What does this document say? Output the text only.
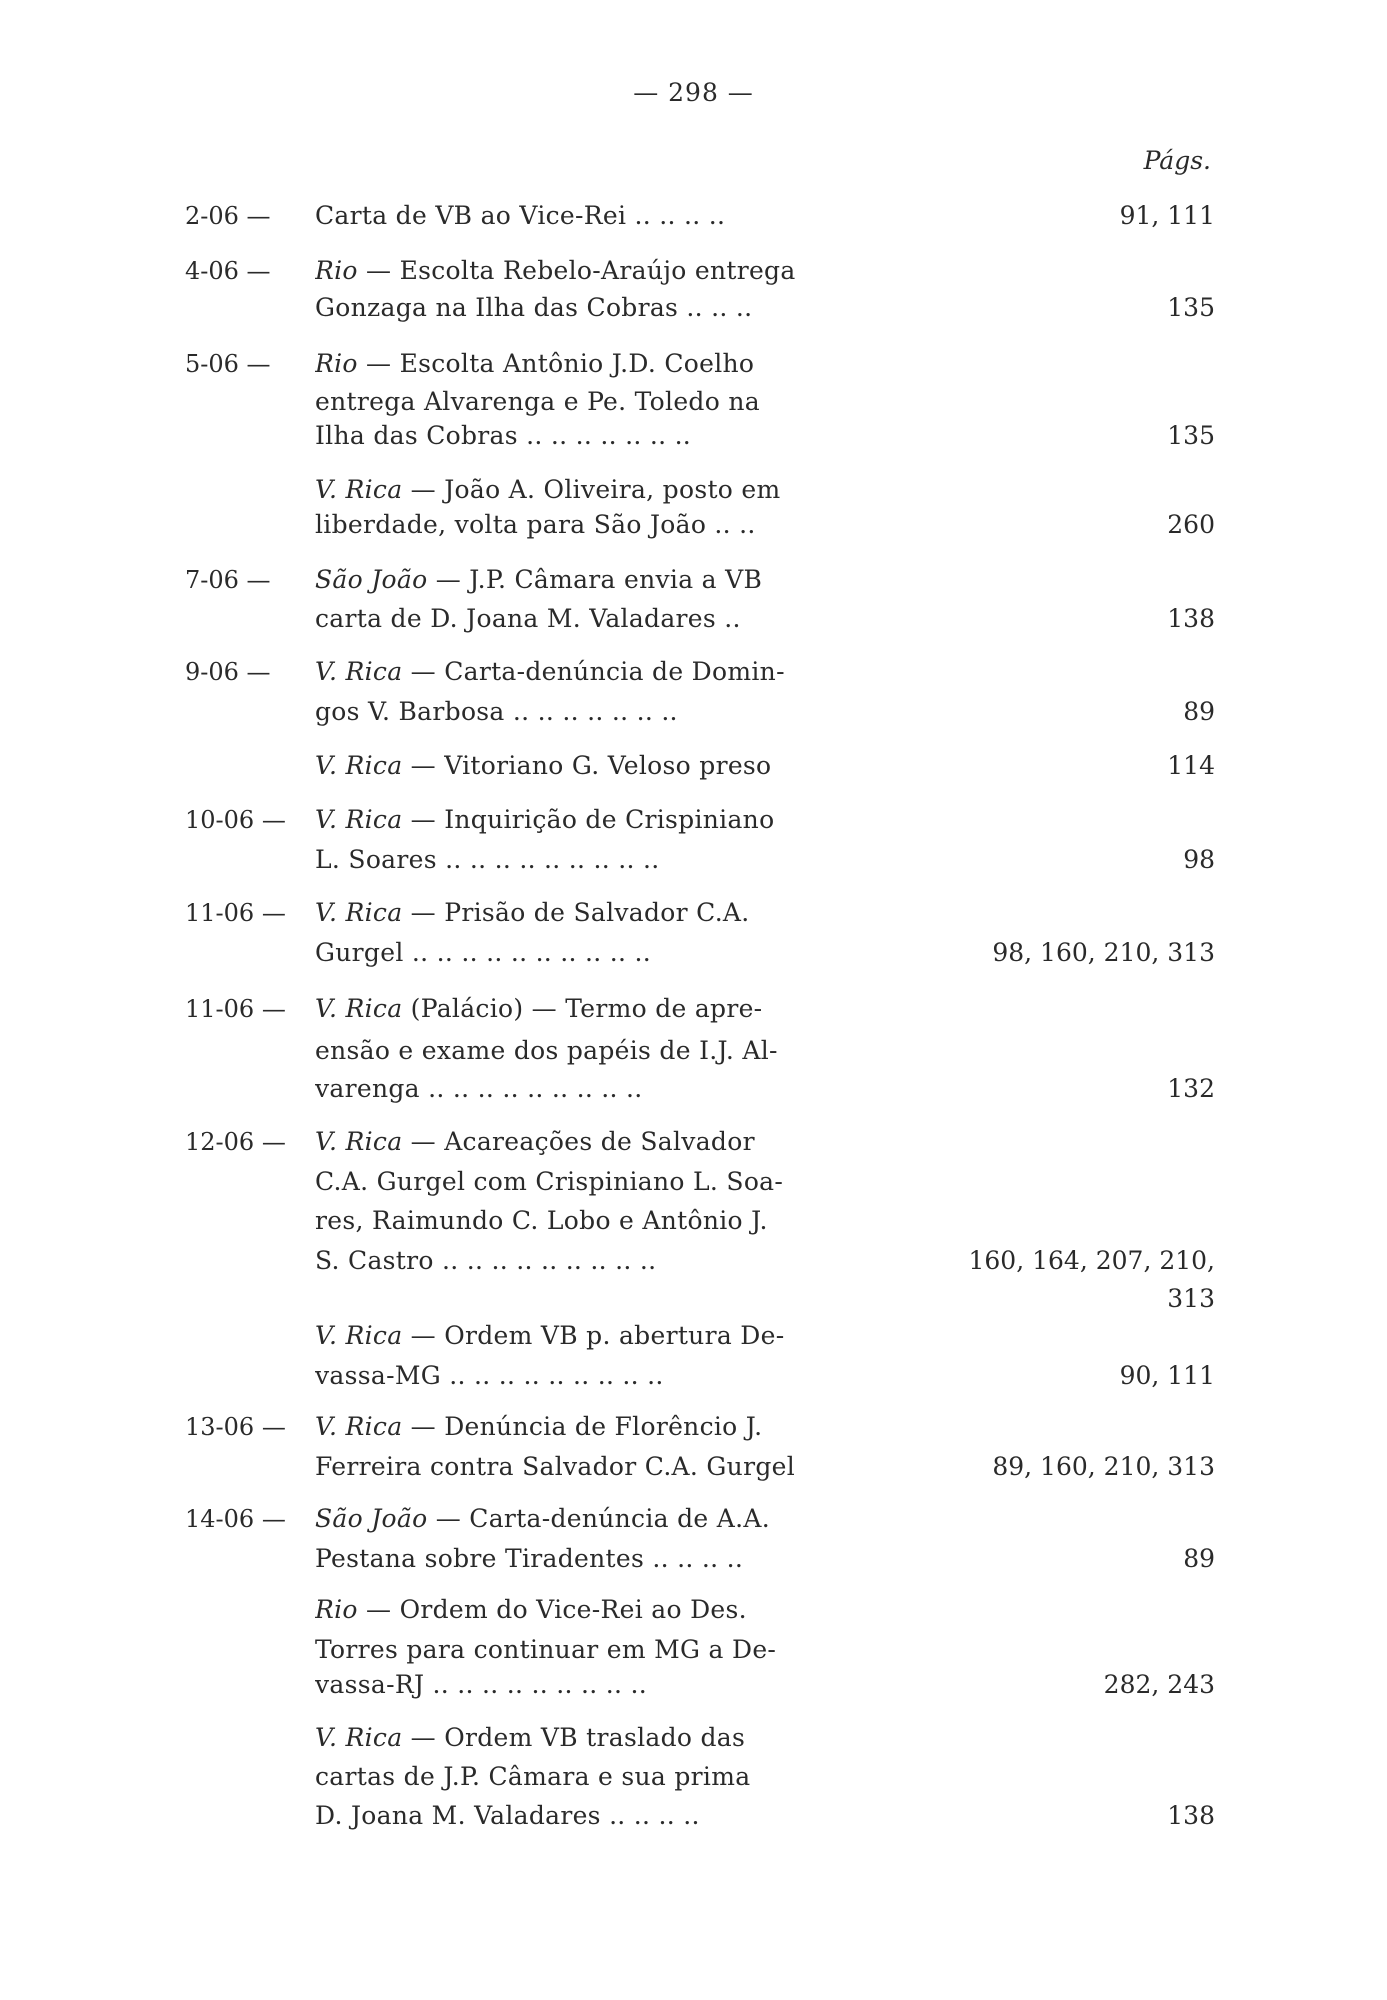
— 298 —
Págs.
2-06 —	Carta de VB ao Vice-Rei .. .. .. ..	91, 111
4-06 —	Rio — Escolta Rebelo-Araújo entrega
Gonzaga na Ilha das Cobras .. .. ..	135
5-06 —	Rio — Escolta Antônio J.D. Coelho
entrega Alvarenga e Pe. Toledo na
Ilha das Cobras .. .. .. .. .. .. ..	135
V. Rica — João A. Oliveira, posto em
liberdade, volta para São João .. ..	260
7-06 —	São João — J.P. Câmara envia a VB
carta de D. Joana M. Valadares ..	138
9-06 —	V. Rica — Carta-denúncia de Domin-
gos V. Barbosa .. .. .. .. .. .. ..	89
V. Rica — Vitoriano G. Veloso preso	114
10-06 —	V. Rica — Inquirição de Crispiniano
L. Soares .. .. .. .. .. .. .. .. ..	98
11-06 —	V. Rica — Prisão de Salvador C.A.
Gurgel .. .. .. .. .. .. .. .. .. ..	98, 160, 210, 313
11-06 —	V. Rica (Palácio) — Termo de apre-
ensão e exame dos papéis de I.J. Al-
varenga .. .. .. .. .. .. .. .. ..	132
12-06 —	V. Rica — Acareações de Salvador
C.A. Gurgel com Crispiniano L. Soa-
res, Raimundo C. Lobo e Antônio J.
S. Castro .. .. .. .. .. .. .. .. ..	160, 164, 207, 210,
313
V. Rica — Ordem VB p. abertura De-
vassa-MG .. .. .. .. .. .. .. .. ..	90, 111
13-06 —	V. Rica — Denúncia de Florêncio J.
Ferreira contra Salvador C.A. Gurgel	89, 160, 210, 313
14-06 —	São João — Carta-denúncia de A.A.
Pestana sobre Tiradentes .. .. .. ..	89
Rio — Ordem do Vice-Rei ao Des.
Torres para continuar em MG a De-
vassa-RJ .. .. .. .. .. .. .. .. ..	282, 243
V. Rica — Ordem VB traslado das
cartas de J.P. Câmara e sua prima
D. Joana M. Valadares .. .. .. ..	138
